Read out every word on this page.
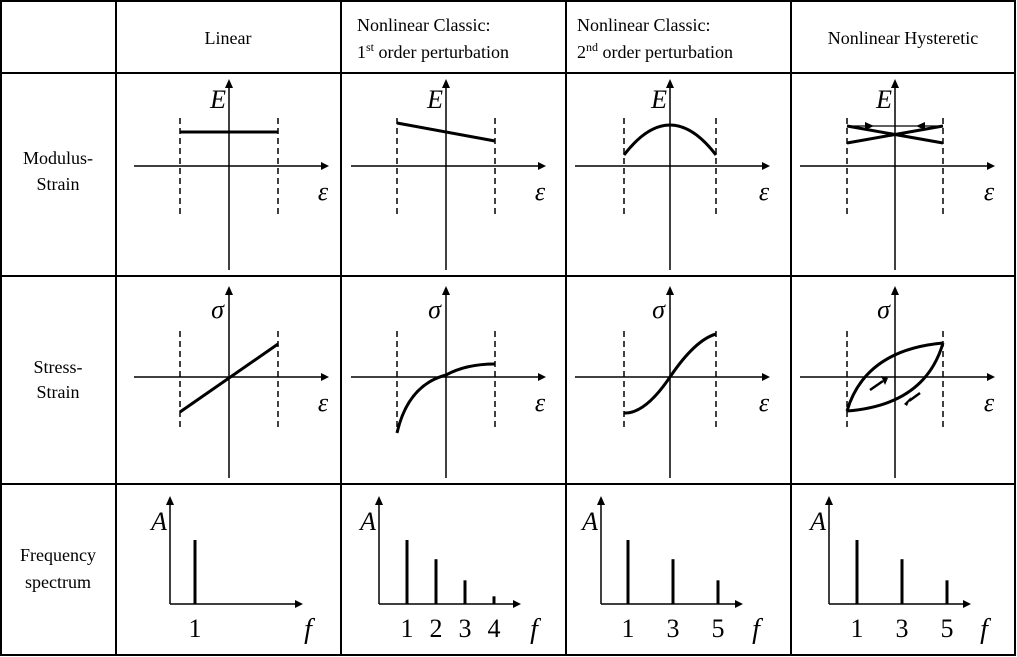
Linear
Nonlinear Classic:
1st order perturbation
Nonlinear Classic:
2nd order perturbation
Nonlinear Hysteretic
Modulus-
Strain
Stress-
Strain
Frequency
spectrum
E
ε
E
ε
E
ε
E
ε
σ
ε
σ
ε
σ
ε
σ
ε
A
f
1
A
f
1 2 3 4
A
f
1 3 5
A
f
1 3 5
